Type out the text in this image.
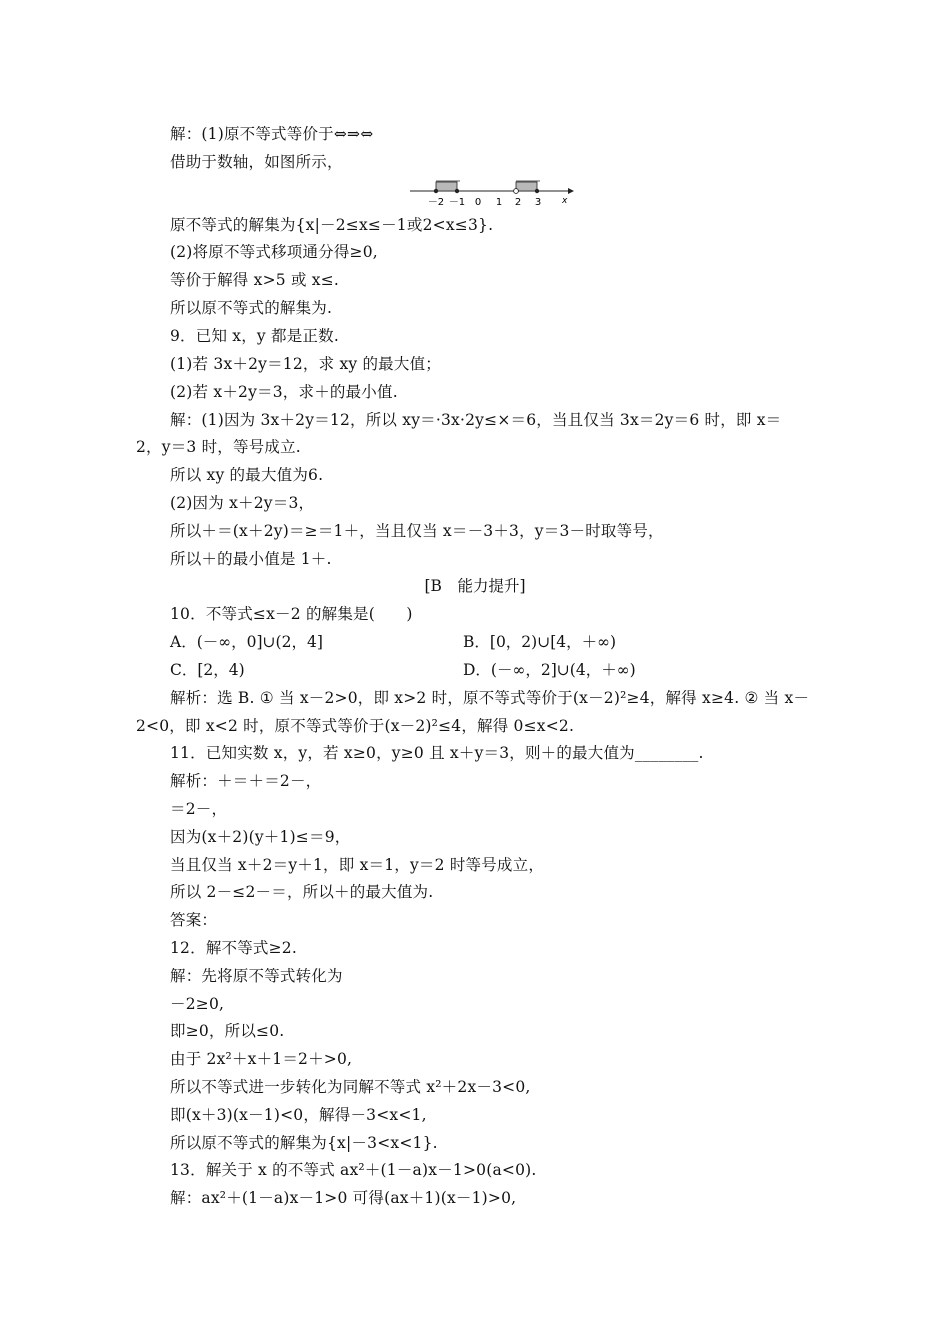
解：(1)原不等式等价于⇔⇒⇔
借助于数轴，如图所示，
－2 －1 0 1 2 3 x
原不等式的解集为{x|－2≤x≤－1或2<x≤3}.
(2)将原不等式移项通分得≥0,
等价于解得 x>5 或 x≤.
所以原不等式的解集为.
9．已知 x，y 都是正数.
(1)若 3x＋2y＝12，求 xy 的最大值；
(2)若 x＋2y＝3，求＋的最小值.
解：(1)因为 3x＋2y＝12，所以 xy＝·3x·2y≤×＝6，当且仅当 3x＝2y＝6 时，即 x＝
2，y＝3 时，等号成立.
所以 xy 的最大值为6.
(2)因为 x＋2y＝3，
所以＋＝(x＋2y)＝≥＝1＋，当且仅当 x＝－3＋3，y＝3－时取等号，
所以＋的最小值是 1＋.
[B　能力提升]
10．不等式≤x－2 的解集是(　　)
A．(－∞，0]∪(2，4]	B．[0，2)∪[4，＋∞)
C．[2，4)	D．(－∞，2]∪(4，＋∞)
解析：选 B. ① 当 x－2>0，即 x>2 时，原不等式等价于(x－2)²≥4，解得 x≥4. ② 当 x－
2<0，即 x<2 时，原不等式等价于(x－2)²≤4，解得 0≤x<2.
11．已知实数 x，y，若 x≥0，y≥0 且 x＋y＝3，则＋的最大值为________.
解析：＋＝＋＝2－，
＝2－，
因为(x＋2)(y＋1)≤＝9，
当且仅当 x＋2＝y＋1，即 x＝1，y＝2 时等号成立，
所以 2－≤2－＝，所以＋的最大值为.
答案：
12．解不等式≥2.
解：先将原不等式转化为
－2≥0,
即≥0，所以≤0.
由于 2x²＋x＋1＝2＋>0,
所以不等式进一步转化为同解不等式 x²＋2x－3<0,
即(x＋3)(x－1)<0，解得－3<x<1,
所以原不等式的解集为{x|－3<x<1}.
13．解关于 x 的不等式 ax²＋(1－a)x－1>0(a<0).
解：ax²＋(1－a)x－1>0 可得(ax＋1)(x－1)>0,
